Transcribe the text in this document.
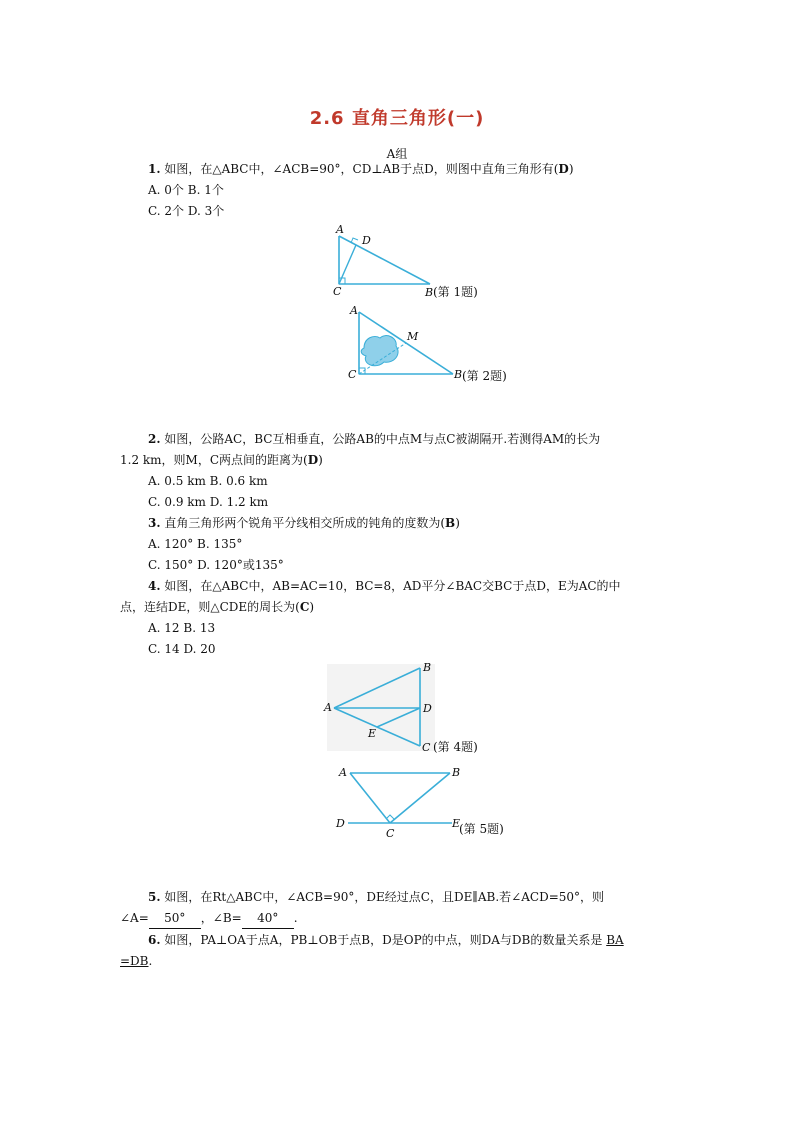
2.6 直角三角形(一)
A组
1. 如图，在△ABC中，∠ACB=90°，CD⊥AB于点D，则图中直角三角形有(D)
A. 0个 B. 1个
C. 2个 D. 3个
A
D
C	B (第 1题)
A
M
C	B (第 2题)
2. 如图，公路AC，BC互相垂直，公路AB的中点M与点C被湖隔开.若测得AM的长为
1.2 km，则M，C两点间的距离为(D)
A. 0.5 km B. 0.6 km
C. 0.9 km D. 1.2 km
3. 直角三角形两个锐角平分线相交所成的钝角的度数为(B)
A. 120° B. 135°
C. 150° D. 120°或135°
4. 如图，在△ABC中，AB=AC=10，BC=8，AD平分∠BAC交BC于点D，E为AC的中
点，连结DE，则△CDE的周长为(C)
A. 12 B. 13
C. 14 D. 20
A
B
D
E
C (第 4题)
A	B
D
C
E
(第 5题)
5. 如图，在Rt△ABC中，∠ACB=90°，DE经过点C，且DE∥AB.若∠ACD=50°，则
∠A= 50° ，∠B= 40° .
6. 如图，PA⊥OA于点A，PB⊥OB于点B，D是OP的中点，则DA与DB的数量关系是 BA
=DB.
